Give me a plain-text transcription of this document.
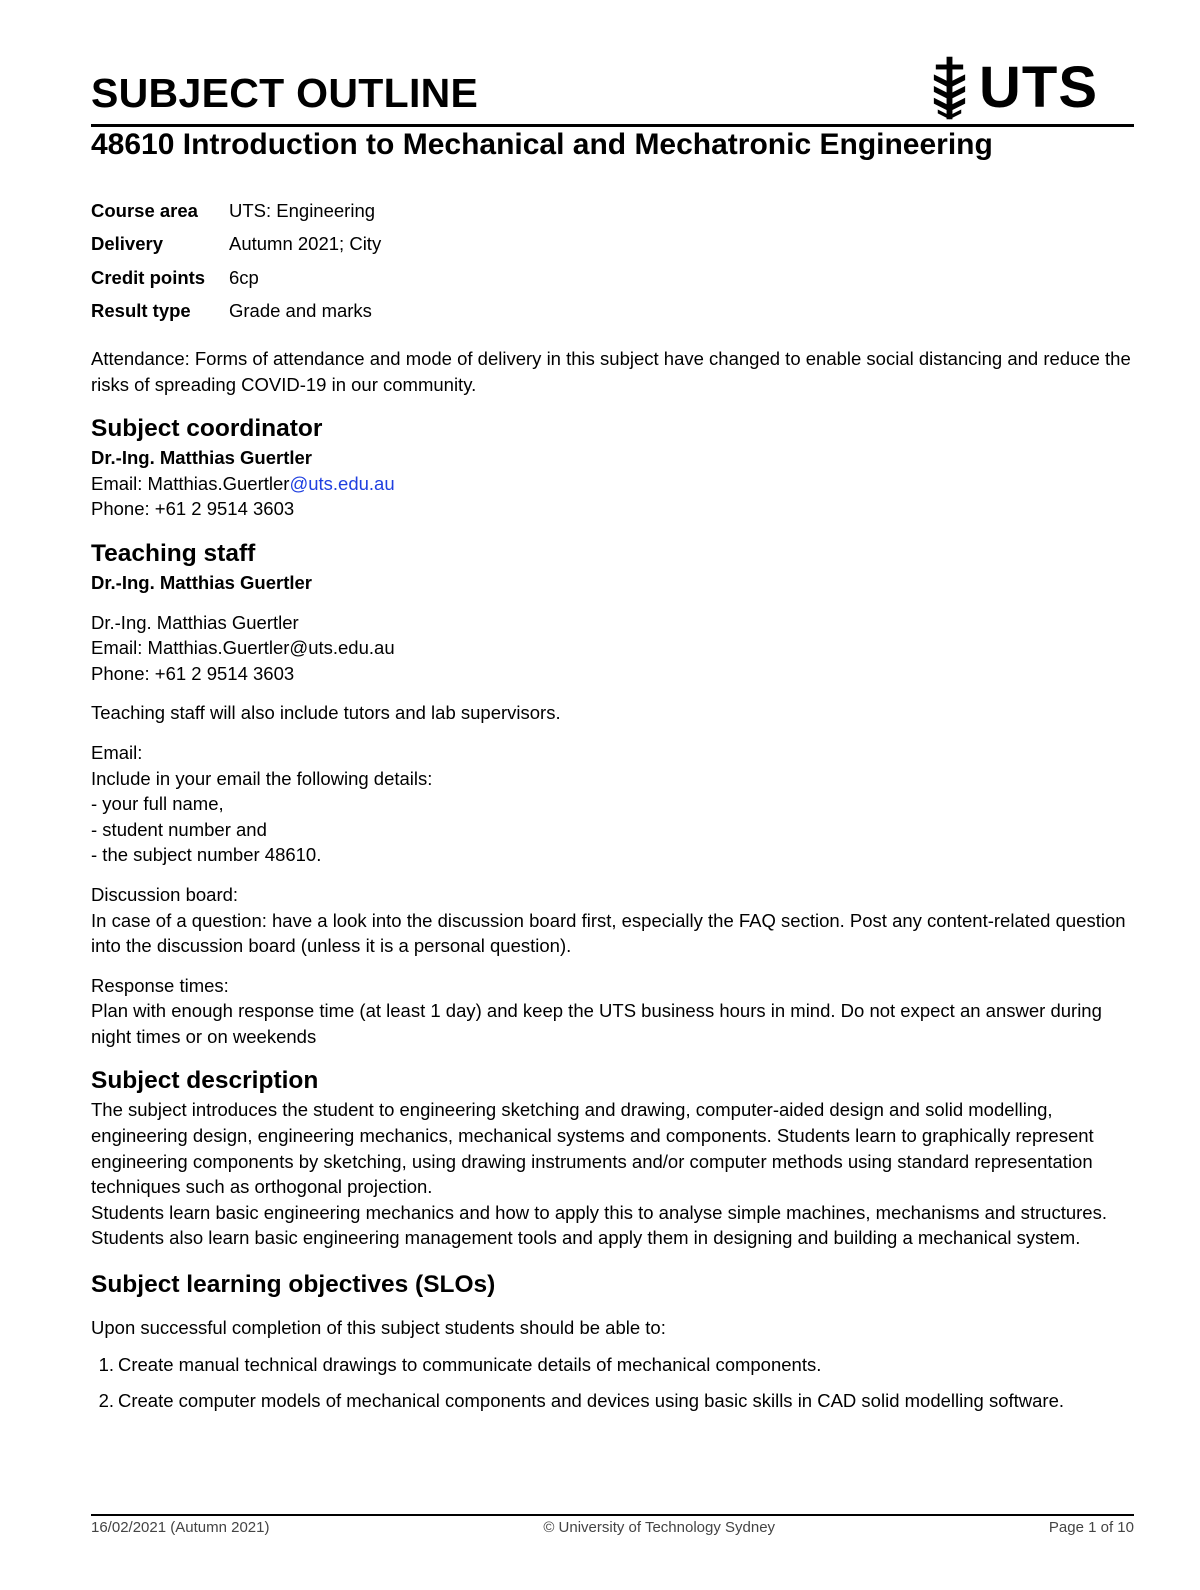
SUBJECT OUTLINE	UTS
48610 Introduction to Mechanical and Mechatronic Engineering
Course area	UTS: Engineering
Delivery	Autumn 2021; City
Credit points	6cp
Result type	Grade and marks
Attendance: Forms of attendance and mode of delivery in this subject have changed to enable social distancing and reduce the risks of spreading COVID-19 in our community.
Subject coordinator
Dr.-Ing. Matthias Guertler
Email: Matthias.Guertler@uts.edu.au
Phone: +61 2 9514 3603
Teaching staff
Dr.-Ing. Matthias Guertler
Dr.-Ing. Matthias Guertler
Email: Matthias.Guertler@uts.edu.au
Phone: +61 2 9514 3603
Teaching staff will also include tutors and lab supervisors.
Email:
Include in your email the following details:
- your full name,
- student number and
- the subject number 48610.
Discussion board:
In case of a question: have a look into the discussion board first, especially the FAQ section. Post any content-related question into the discussion board (unless it is a personal question).
Response times:
Plan with enough response time (at least 1 day) and keep the UTS business hours in mind. Do not expect an answer during night times or on weekends
Subject description
The subject introduces the student to engineering sketching and drawing, computer-aided design and solid modelling, engineering design, engineering mechanics, mechanical systems and components. Students learn to graphically represent engineering components by sketching, using drawing instruments and/or computer methods using standard representation techniques such as orthogonal projection.
Students learn basic engineering mechanics and how to apply this to analyse simple machines, mechanisms and structures. Students also learn basic engineering management tools and apply them in designing and building a mechanical system.
Subject learning objectives (SLOs)
Upon successful completion of this subject students should be able to:
1. Create manual technical drawings to communicate details of mechanical components.
2. Create computer models of mechanical components and devices using basic skills in CAD solid modelling software.
16/02/2021 (Autumn 2021)	© University of Technology Sydney	Page 1 of 10
